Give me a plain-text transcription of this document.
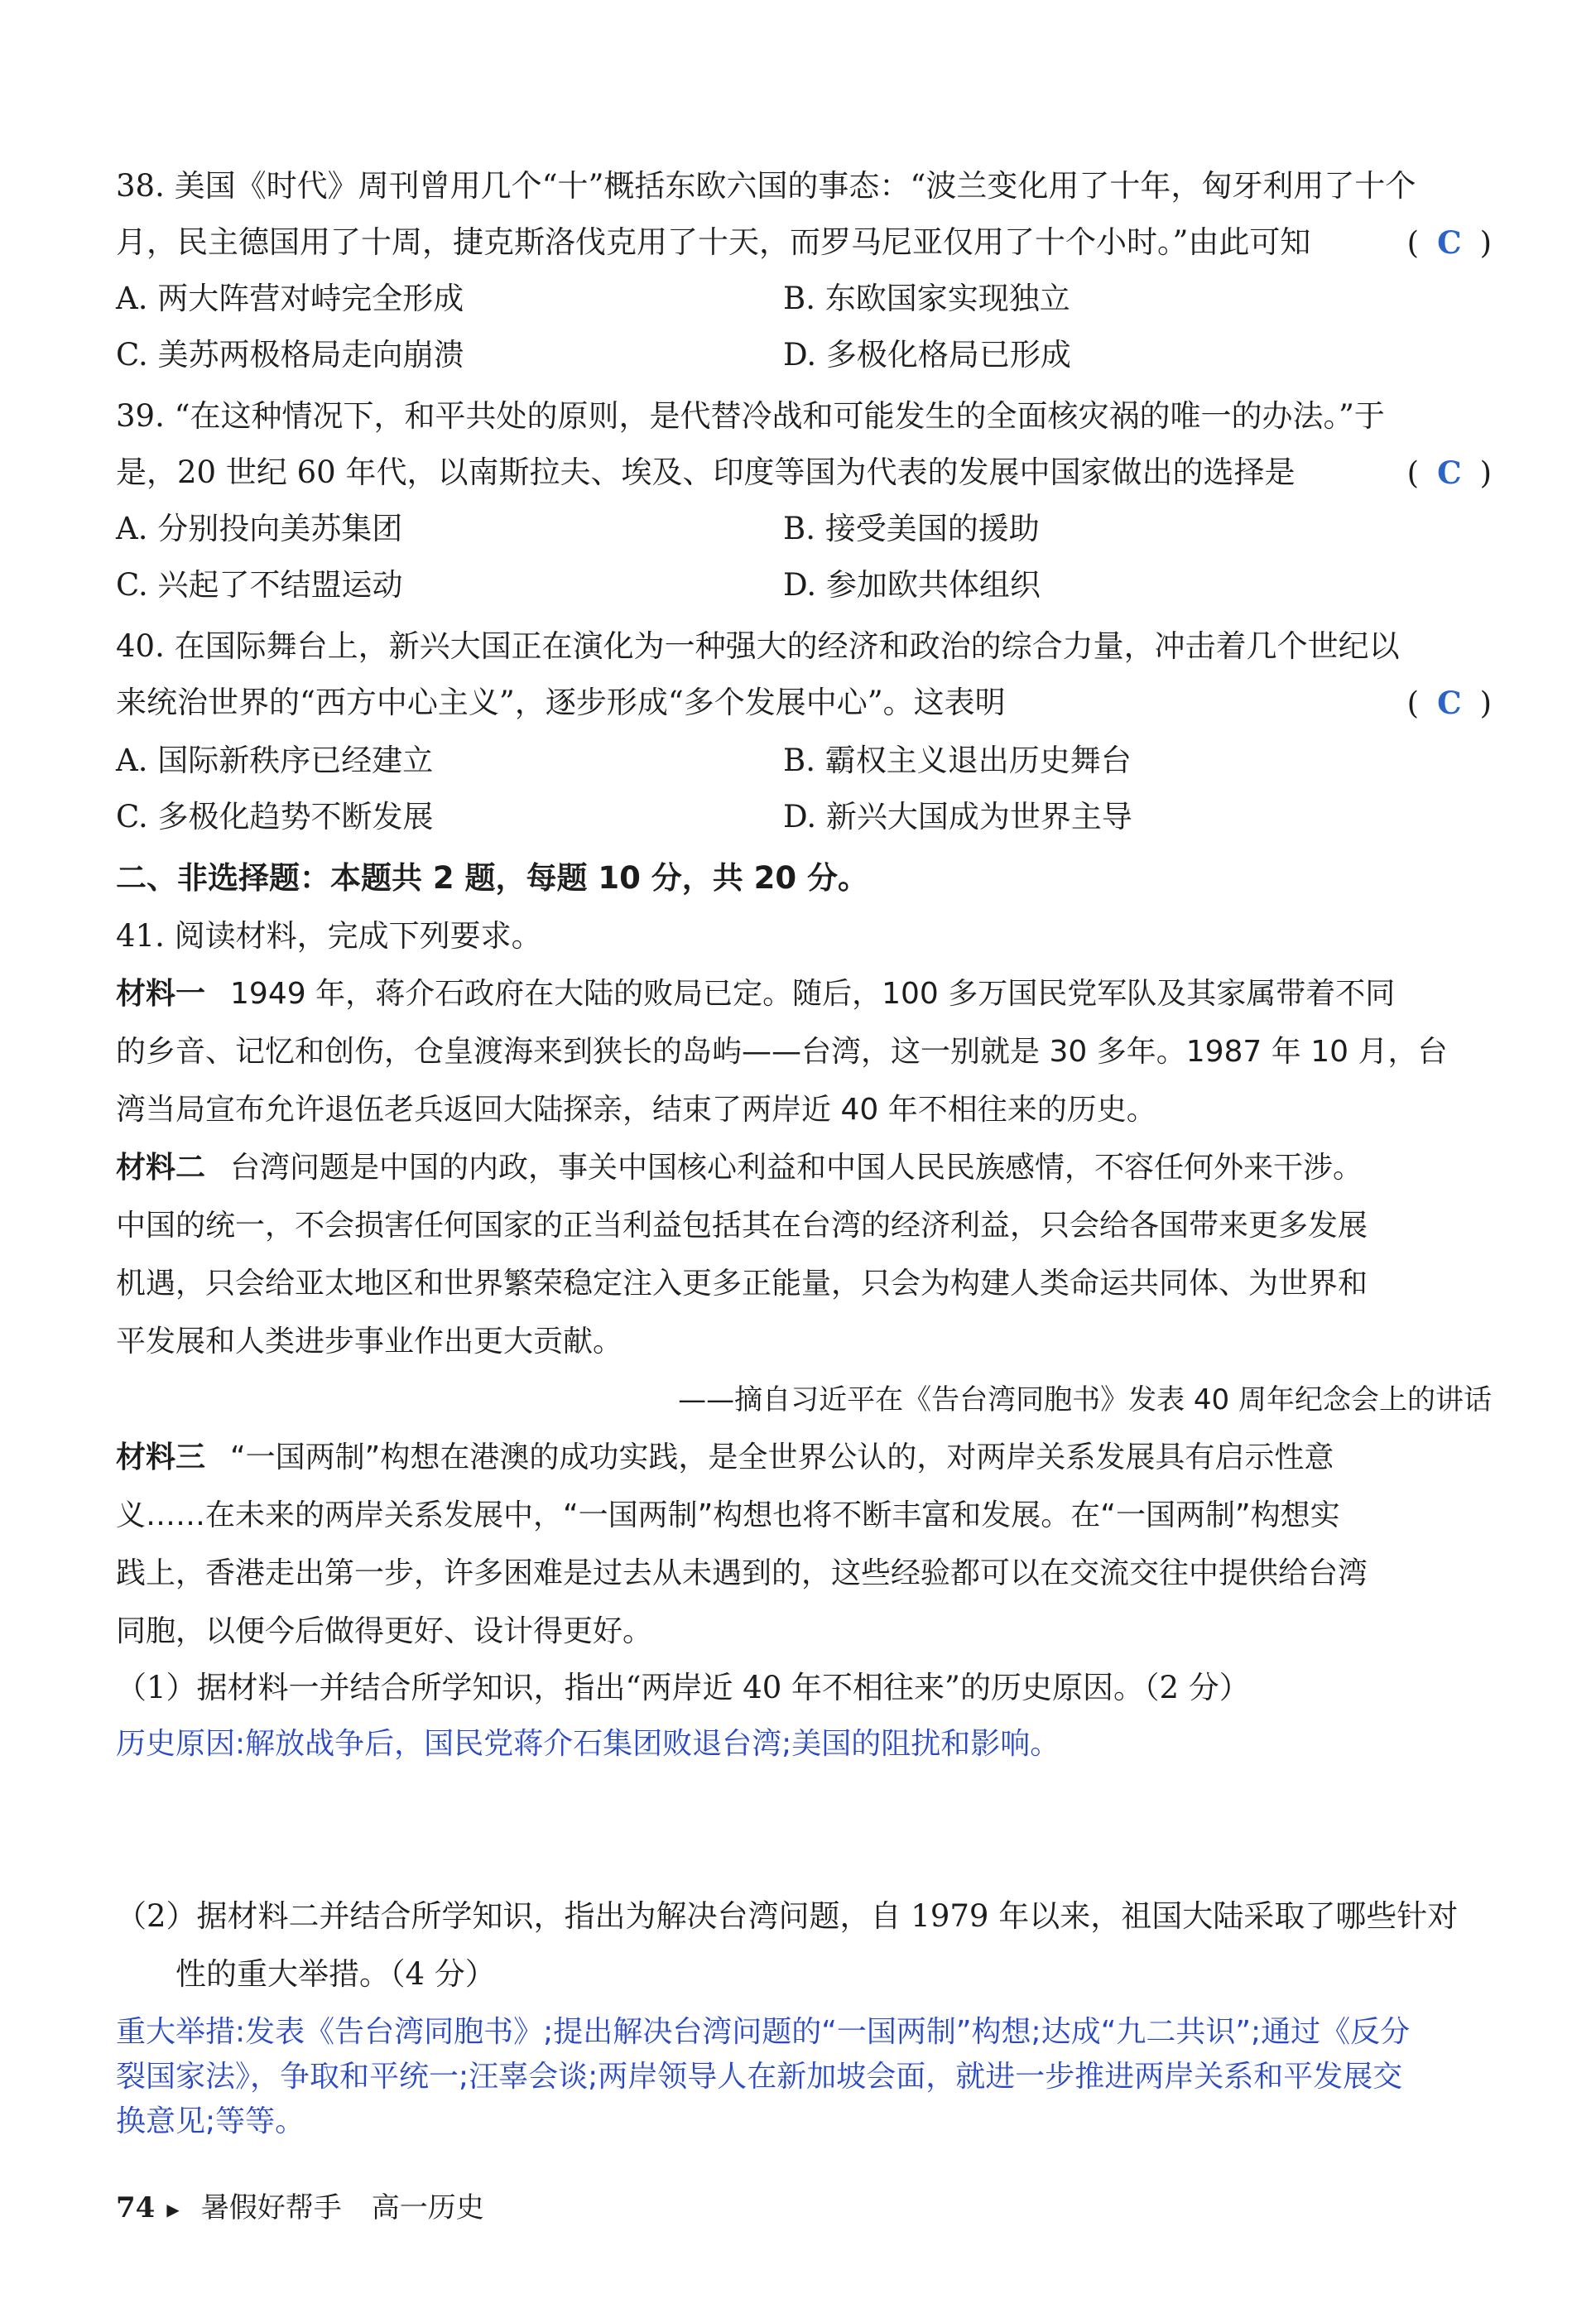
38. 美国《时代》周刊曾用几个“十”概括东欧六国的事态：“波兰变化用了十年，匈牙利用了十个
月，民主德国用了十周，捷克斯洛伐克用了十天，而罗马尼亚仅用了十个小时。”由此可知	( C )
A. 两大阵营对峙完全形成	B. 东欧国家实现独立
C. 美苏两极格局走向崩溃	D. 多极化格局已形成
39. “在这种情况下，和平共处的原则，是代替冷战和可能发生的全面核灾祸的唯一的办法。”于
是，20 世纪 60 年代，以南斯拉夫、埃及、印度等国为代表的发展中国家做出的选择是	( C )
A. 分别投向美苏集团	B. 接受美国的援助
C. 兴起了不结盟运动	D. 参加欧共体组织
40. 在国际舞台上，新兴大国正在演化为一种强大的经济和政治的综合力量，冲击着几个世纪以
来统治世界的“西方中心主义”，逐步形成“多个发展中心”。这表明	( C )
A. 国际新秩序已经建立	B. 霸权主义退出历史舞台
C. 多极化趋势不断发展	D. 新兴大国成为世界主导
二、非选择题：本题共 2 题，每题 10 分，共 20 分。
41. 阅读材料，完成下列要求。
材料一 1949 年，蒋介石政府在大陆的败局已定。随后，100 多万国民党军队及其家属带着不同
的乡音、记忆和创伤，仓皇渡海来到狭长的岛屿——台湾，这一别就是 30 多年。1987 年 10 月，台
湾当局宣布允许退伍老兵返回大陆探亲，结束了两岸近 40 年不相往来的历史。
材料二 台湾问题是中国的内政，事关中国核心利益和中国人民民族感情，不容任何外来干涉。
中国的统一，不会损害任何国家的正当利益包括其在台湾的经济利益，只会给各国带来更多发展
机遇，只会给亚太地区和世界繁荣稳定注入更多正能量，只会为构建人类命运共同体、为世界和
平发展和人类进步事业作出更大贡献。
——摘自习近平在《告台湾同胞书》发表 40 周年纪念会上的讲话
材料三 “一国两制”构想在港澳的成功实践，是全世界公认的，对两岸关系发展具有启示性意
义……在未来的两岸关系发展中，“一国两制”构想也将不断丰富和发展。在“一国两制”构想实
践上，香港走出第一步，许多困难是过去从未遇到的，这些经验都可以在交流交往中提供给台湾
同胞，以便今后做得更好、设计得更好。
（1）据材料一并结合所学知识，指出“两岸近 40 年不相往来”的历史原因。（2 分）
历史原因:解放战争后，国民党蒋介石集团败退台湾;美国的阻扰和影响。
（2）据材料二并结合所学知识，指出为解决台湾问题，自 1979 年以来，祖国大陆采取了哪些针对
性的重大举措。（4 分）
重大举措:发表《告台湾同胞书》;提出解决台湾问题的“一国两制”构想;达成“九二共识”;通过《反分
裂国家法》，争取和平统一;汪辜会谈;两岸领导人在新加坡会面，就进一步推进两岸关系和平发展交
换意见;等等。
74 ▶ 暑假好帮手 高一历史
